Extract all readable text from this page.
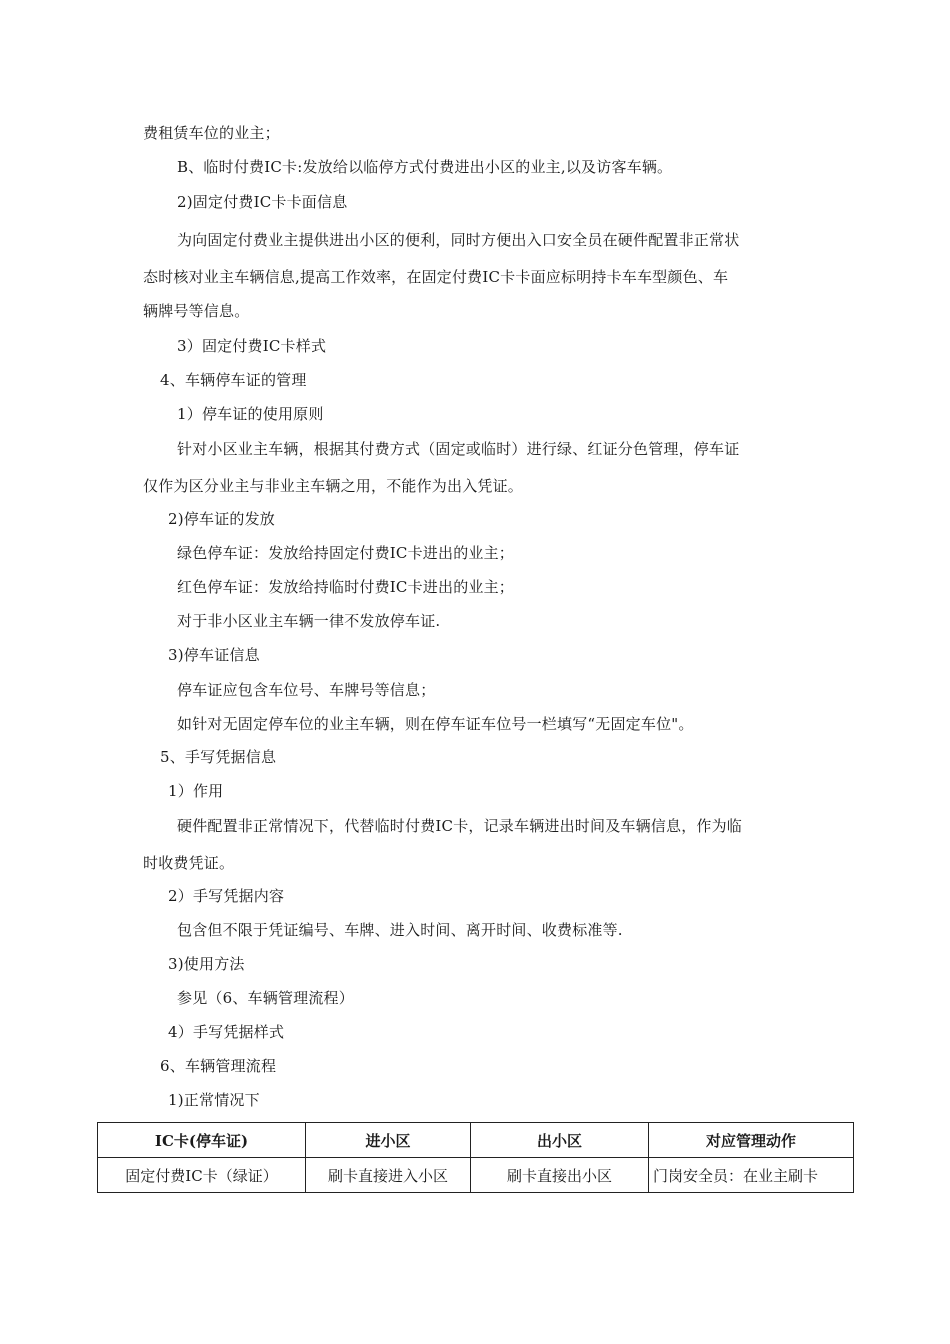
费租赁车位的业主；

B、临时付费IC卡:发放给以临停方式付费进出小区的业主,以及访客车辆。

2)固定付费IC卡卡面信息

为向固定付费业主提供进出小区的便利，同时方便出入口安全员在硬件配置非正常状

态时核对业主车辆信息,提高工作效率，在固定付费IC卡卡面应标明持卡车车型颜色、车

辆牌号等信息。

3）固定付费IC卡样式

4、车辆停车证的管理

1）停车证的使用原则

针对小区业主车辆，根据其付费方式（固定或临时）进行绿、红证分色管理，停车证

仅作为区分业主与非业主车辆之用，不能作为出入凭证。

2)停车证的发放

绿色停车证：发放给持固定付费IC卡进出的业主；

红色停车证：发放给持临时付费IC卡进出的业主；

对于非小区业主车辆一律不发放停车证.

3)停车证信息

停车证应包含车位号、车牌号等信息；

如针对无固定停车位的业主车辆，则在停车证车位号一栏填写“无固定车位"。

5、手写凭据信息

1）作用

硬件配置非正常情况下，代替临时付费IC卡，记录车辆进出时间及车辆信息，作为临

时收费凭证。

2）手写凭据内容

包含但不限于凭证编号、车牌、进入时间、离开时间、收费标准等.

3)使用方法

参见（6、车辆管理流程）

4）手写凭据样式

6、车辆管理流程

1)正常情况下

IC卡(停车证)	进小区	出小区	对应管理动作
固定付费IC卡（绿证）	刷卡直接进入小区	刷卡直接出小区	门岗安全员：在业主刷卡
